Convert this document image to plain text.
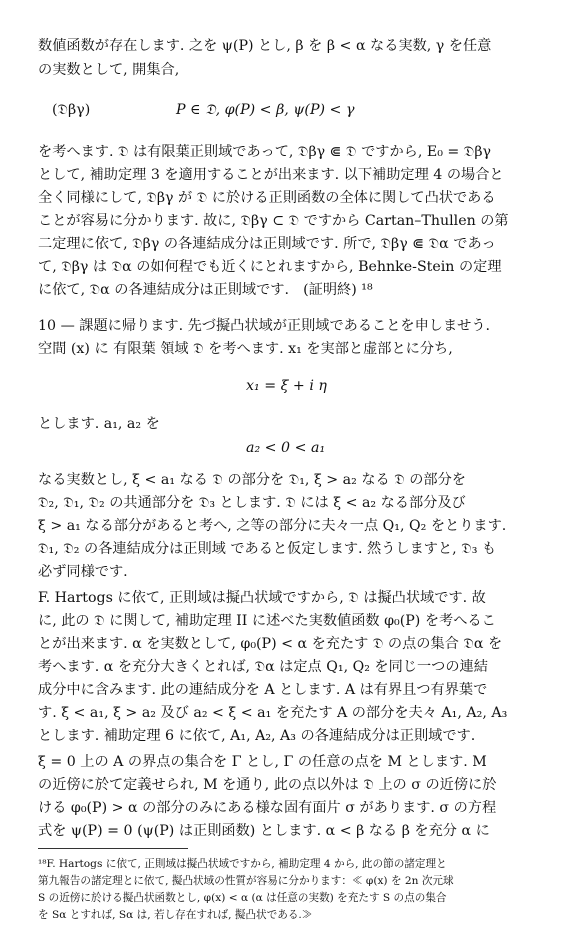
数値函数が存在します. 之を ψ(P) とし, β を β < α なる実数, γ を任意
の実数として, 開集合,
(𝔇βγ)	P ∈ 𝔇, φ(P) < β, ψ(P) < γ
を考へます. 𝔇 は有限葉正則域であって, 𝔇βγ ⋐ 𝔇 ですから, E₀ = 𝔇βγ
として, 補助定理 3 を適用することが出来ます. 以下補助定理 4 の場合と
全く同様にして, 𝔇βγ が 𝔇 に於ける正則函数の全体に関して凸状である
ことが容易に分かります. 故に, 𝔇βγ ⊂ 𝔇 ですから Cartan–Thullen の第
二定理に依て, 𝔇βγ の各連結成分は正則域です. 所で, 𝔇βγ ⋐ 𝔇α であっ
て, 𝔇βγ は 𝔇α の如何程でも近くにとれますから, Behnke-Stein の定理
に依て, 𝔇α の各連結成分は正則域です.　(証明終) ¹⁸
10 — 課題に帰ります. 先づ擬凸状域が正則域であることを申しませう.
空間 (x) に 有限葉 領域 𝔇 を考へます. x₁ を実部と虚部とに分ち,
x₁ = ξ + i η
とします. a₁, a₂ を
a₂ < 0 < a₁
なる実数とし, ξ < a₁ なる 𝔇 の部分を 𝔇₁, ξ > a₂ なる 𝔇 の部分を
𝔇₂, 𝔇₁, 𝔇₂ の共通部分を 𝔇₃ とします. 𝔇 には ξ < a₂ なる部分及び
ξ > a₁ なる部分があると考へ, 之等の部分に夫々一点 Q₁, Q₂ をとります.
𝔇₁, 𝔇₂ の各連結成分は正則域 であると仮定します. 然うしますと, 𝔇₃ も
必ず同様です.
F. Hartogs に依て, 正則域は擬凸状域ですから, 𝔇 は擬凸状域です. 故
に, 此の 𝔇 に関して, 補助定理 II に述べた実数値函数 φ₀(P) を考へるこ
とが出来ます. α を実数として, φ₀(P) < α を充たす 𝔇 の点の集合 𝔇α を
考へます. α を充分大きくとれば, 𝔇α は定点 Q₁, Q₂ を同じ一つの連結
成分中に含みます. 此の連結成分を A とします. A は有界且つ有界葉で
す. ξ < a₁, ξ > a₂ 及び a₂ < ξ < a₁ を充たす A の部分を夫々 A₁, A₂, A₃
とします. 補助定理 6 に依て, A₁, A₂, A₃ の各連結成分は正則域です.
ξ = 0 上の A の界点の集合を Γ とし, Γ の任意の点を M とします. M
の近傍に於て定義せられ, M を通り, 此の点以外は 𝔇 上の σ の近傍に於
ける φ₀(P) > α の部分のみにある様な固有面片 σ があります. σ の方程
式を ψ(P) = 0 (ψ(P) は正則函数) とします. α < β なる β を充分 α に
¹⁸F. Hartogs に依て, 正則域は擬凸状域ですから, 補助定理 4 から, 此の節の諸定理と
第九報告の諸定理とに依て, 擬凸状域の性質が容易に分かります：≪ φ(x) を 2n 次元球
S の近傍に於ける擬凸状函数とし, φ(x) < α (α は任意の実数) を充たす S の点の集合
を Sα とすれば, Sα は, 若し存在すれば, 擬凸状である.≫
